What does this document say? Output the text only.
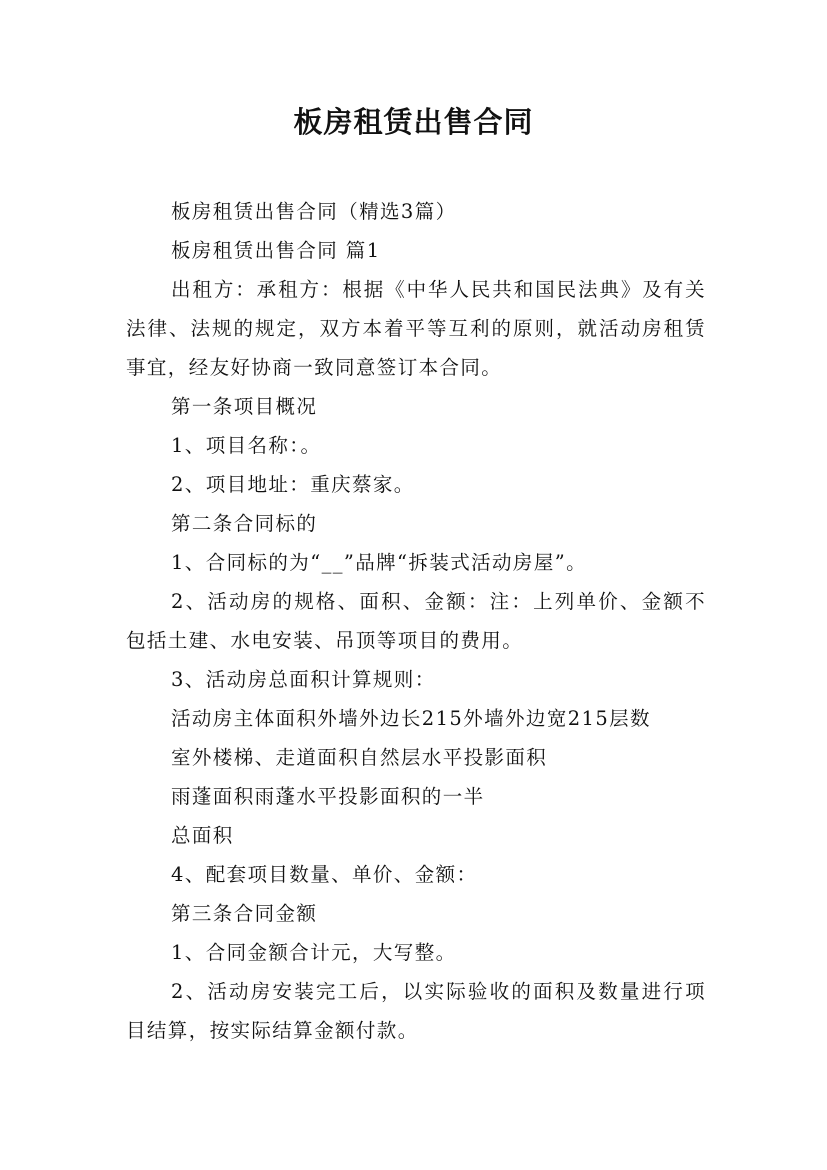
板房租赁出售合同

板房租赁出售合同（精选3篇）

板房租赁出售合同 篇1

出租方：承租方：根据《中华人民共和国民法典》及有关法律、法规的规定，双方本着平等互利的原则，就活动房租赁事宜，经友好协商一致同意签订本合同。

第一条项目概况

1、项目名称：。

2、项目地址：重庆蔡家。

第二条合同标的

1、合同标的为“__”品牌“拆装式活动房屋”。

2、活动房的规格、面积、金额：注：上列单价、金额不包括土建、水电安装、吊顶等项目的费用。

3、活动房总面积计算规则：

活动房主体面积外墙外边长215外墙外边宽215层数

室外楼梯、走道面积自然层水平投影面积

雨蓬面积雨蓬水平投影面积的一半

总面积

4、配套项目数量、单价、金额：

第三条合同金额

1、合同金额合计元，大写整。

2、活动房安装完工后，以实际验收的面积及数量进行项目结算，按实际结算金额付款。
